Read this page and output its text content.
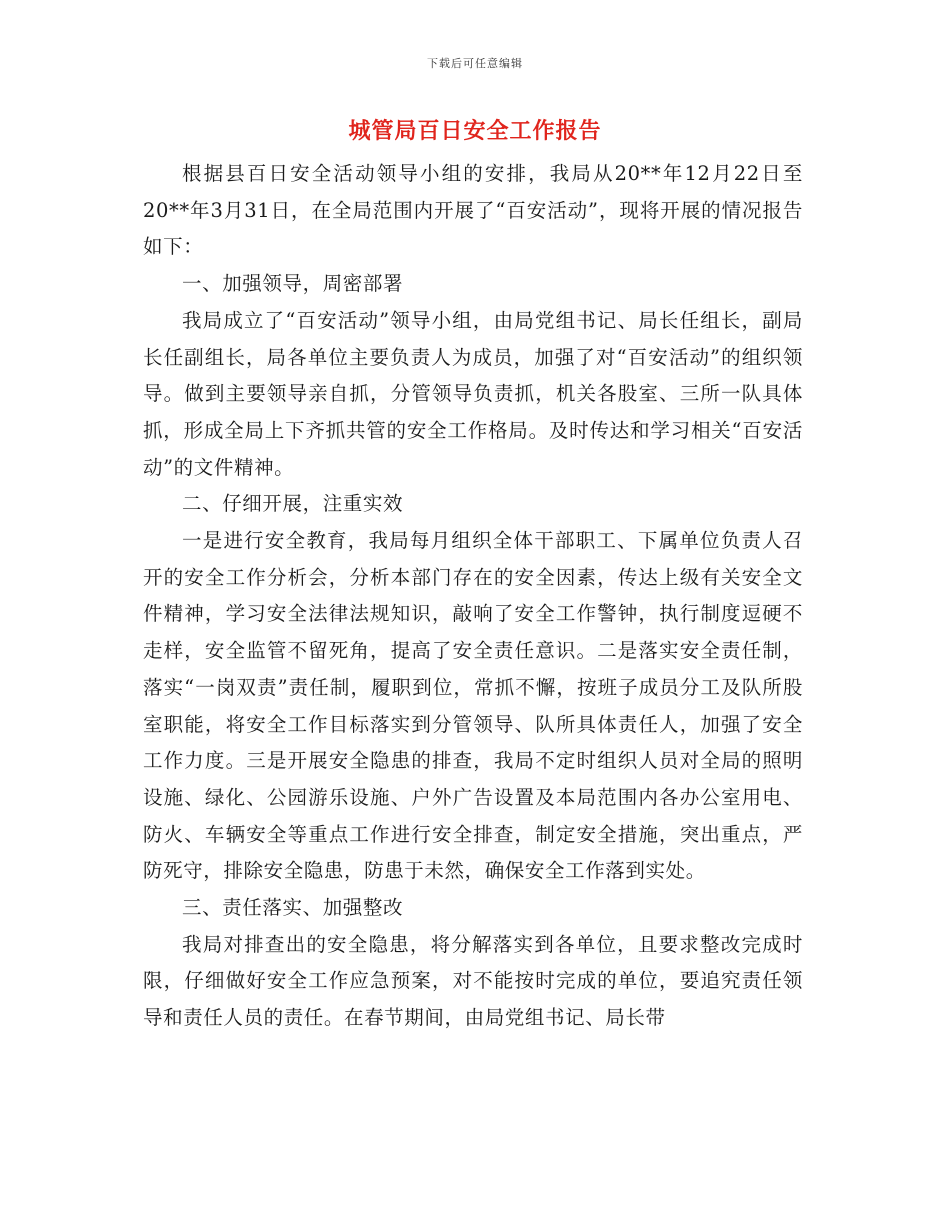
下载后可任意编辑
城管局百日安全工作报告

根据县百日安全活动领导小组的安排，我局从20**年12月22日至20**年3月31日，在全局范围内开展了“百安活动”，现将开展的情况报告如下：

一、加强领导，周密部署

我局成立了“百安活动”领导小组，由局党组书记、局长任组长，副局长任副组长，局各单位主要负责人为成员，加强了对“百安活动”的组织领导。做到主要领导亲自抓，分管领导负责抓，机关各股室、三所一队具体抓，形成全局上下齐抓共管的安全工作格局。及时传达和学习相关“百安活动”的文件精神。

二、仔细开展，注重实效

一是进行安全教育，我局每月组织全体干部职工、下属单位负责人召开的安全工作分析会，分析本部门存在的安全因素，传达上级有关安全文件精神，学习安全法律法规知识，敲响了安全工作警钟，执行制度逗硬不走样，安全监管不留死角，提高了安全责任意识。二是落实安全责任制，落实“一岗双责”责任制，履职到位，常抓不懈，按班子成员分工及队所股室职能，将安全工作目标落实到分管领导、队所具体责任人，加强了安全工作力度。三是开展安全隐患的排查，我局不定时组织人员对全局的照明设施、绿化、公园游乐设施、户外广告设置及本局范围内各办公室用电、防火、车辆安全等重点工作进行安全排查，制定安全措施，突出重点，严防死守，排除安全隐患，防患于未然，确保安全工作落到实处。

三、责任落实、加强整改

我局对排查出的安全隐患，将分解落实到各单位，且要求整改完成时限，仔细做好安全工作应急预案，对不能按时完成的单位，要追究责任领导和责任人员的责任。在春节期间，由局党组书记、局长带
